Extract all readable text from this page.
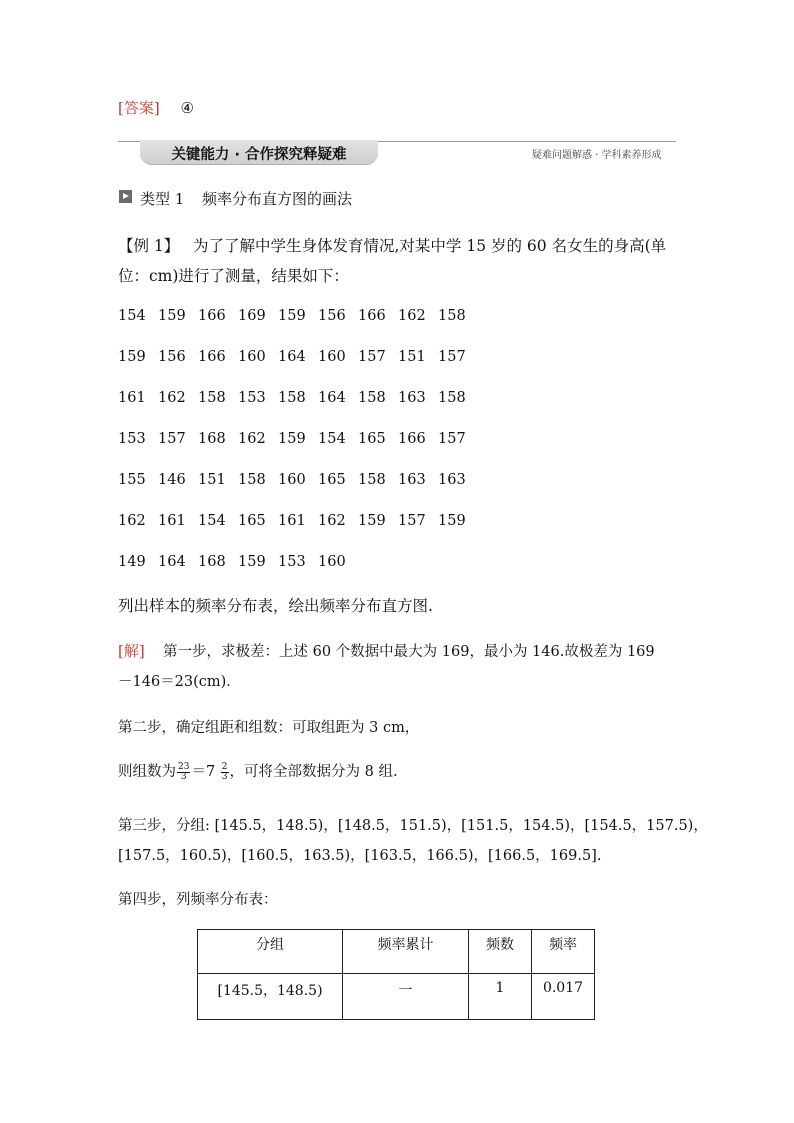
[答案] ④
关键能力 · 合作探究释疑难	疑难问题解惑 · 学科素养形成
类型 1 频率分布直方图的画法
【例 1】 为了了解中学生身体发育情况,对某中学 15 岁的 60 名女生的身高(单
位：cm)进行了测量，结果如下：
154 159 166 169 159 156 166 162 158
159 156 166 160 164 160 157 151 157
161 162 158 153 158 164 158 163 158
153 157 168 162 159 154 165 166 157
155 146 151 158 160 165 158 163 163
162 161 154 165 161 162 159 157 159
149 164 168 159 153 160
列出样本的频率分布表，绘出频率分布直方图.
[解] 第一步，求极差：上述 60 个数据中最大为 169，最小为 146.故极差为 169
－146＝23(cm)．
第二步，确定组距和组数：可取组距为 3 cm，
则组数为 $\frac{23}{3} =7 \frac{2}{3}$ ，可将全部数据分为 8 组.
第三步，分组: [145.5，148.5)，[148.5，151.5)，[151.5，154.5)，[154.5，157.5)，
[157.5，160.5)，[160.5，163.5)，[163.5，166.5)，[166.5，169.5].
第四步，列频率分布表：
分组	频率累计	频数	频率
[145.5，148.5)	一	1	0.017
